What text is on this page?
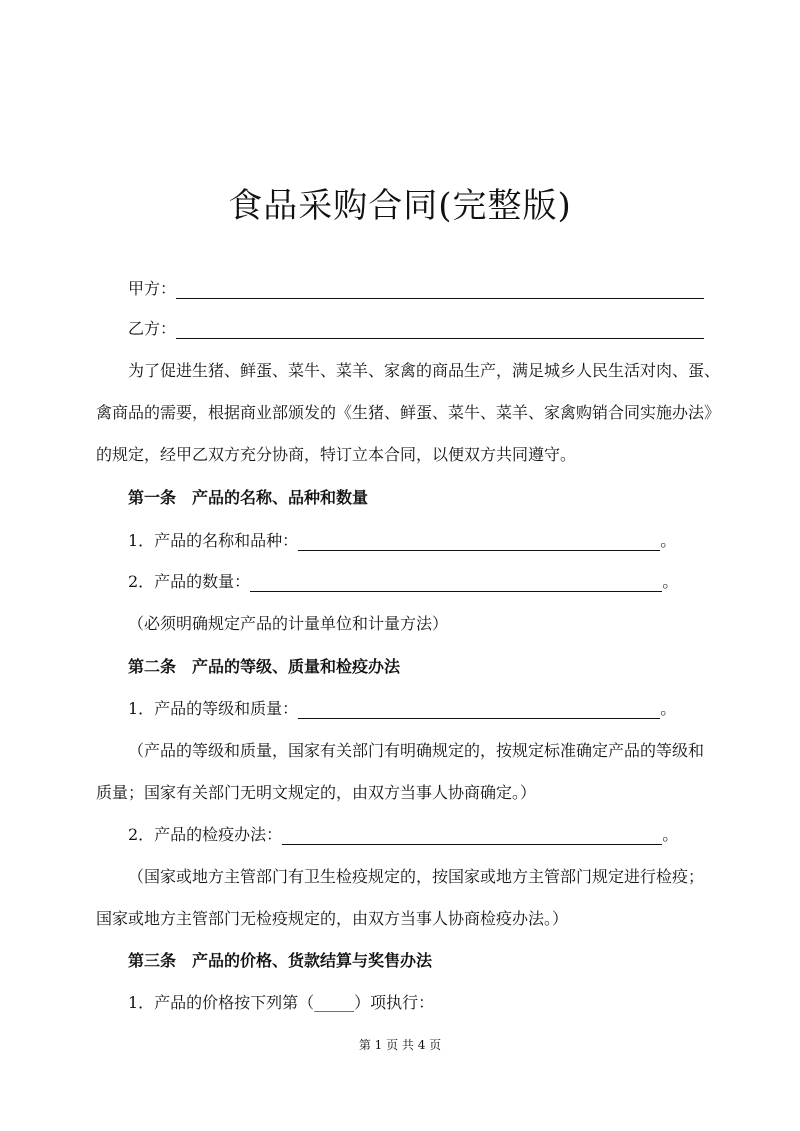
食品采购合同(完整版)
甲方：
乙方：
为了促进生猪、鲜蛋、菜牛、菜羊、家禽的商品生产，满足城乡人民生活对肉、蛋、
禽商品的需要，根据商业部颁发的《生猪、鲜蛋、菜牛、菜羊、家禽购销合同实施办法》
的规定，经甲乙双方充分协商，特订立本合同，以便双方共同遵守。
第一条　产品的名称、品种和数量
1．产品的名称和品种：	。
2．产品的数量：	。
（必须明确规定产品的计量单位和计量方法）
第二条　产品的等级、质量和检疫办法
1．产品的等级和质量：	。
（产品的等级和质量，国家有关部门有明确规定的，按规定标准确定产品的等级和
质量；国家有关部门无明文规定的，由双方当事人协商确定。）
2．产品的检疫办法：	。
（国家或地方主管部门有卫生检疫规定的，按国家或地方主管部门规定进行检疫；
国家或地方主管部门无检疫规定的，由双方当事人协商检疫办法。）
第三条　产品的价格、货款结算与奖售办法
1．产品的价格按下列第（_____）项执行：
第 1 页 共 4 页
